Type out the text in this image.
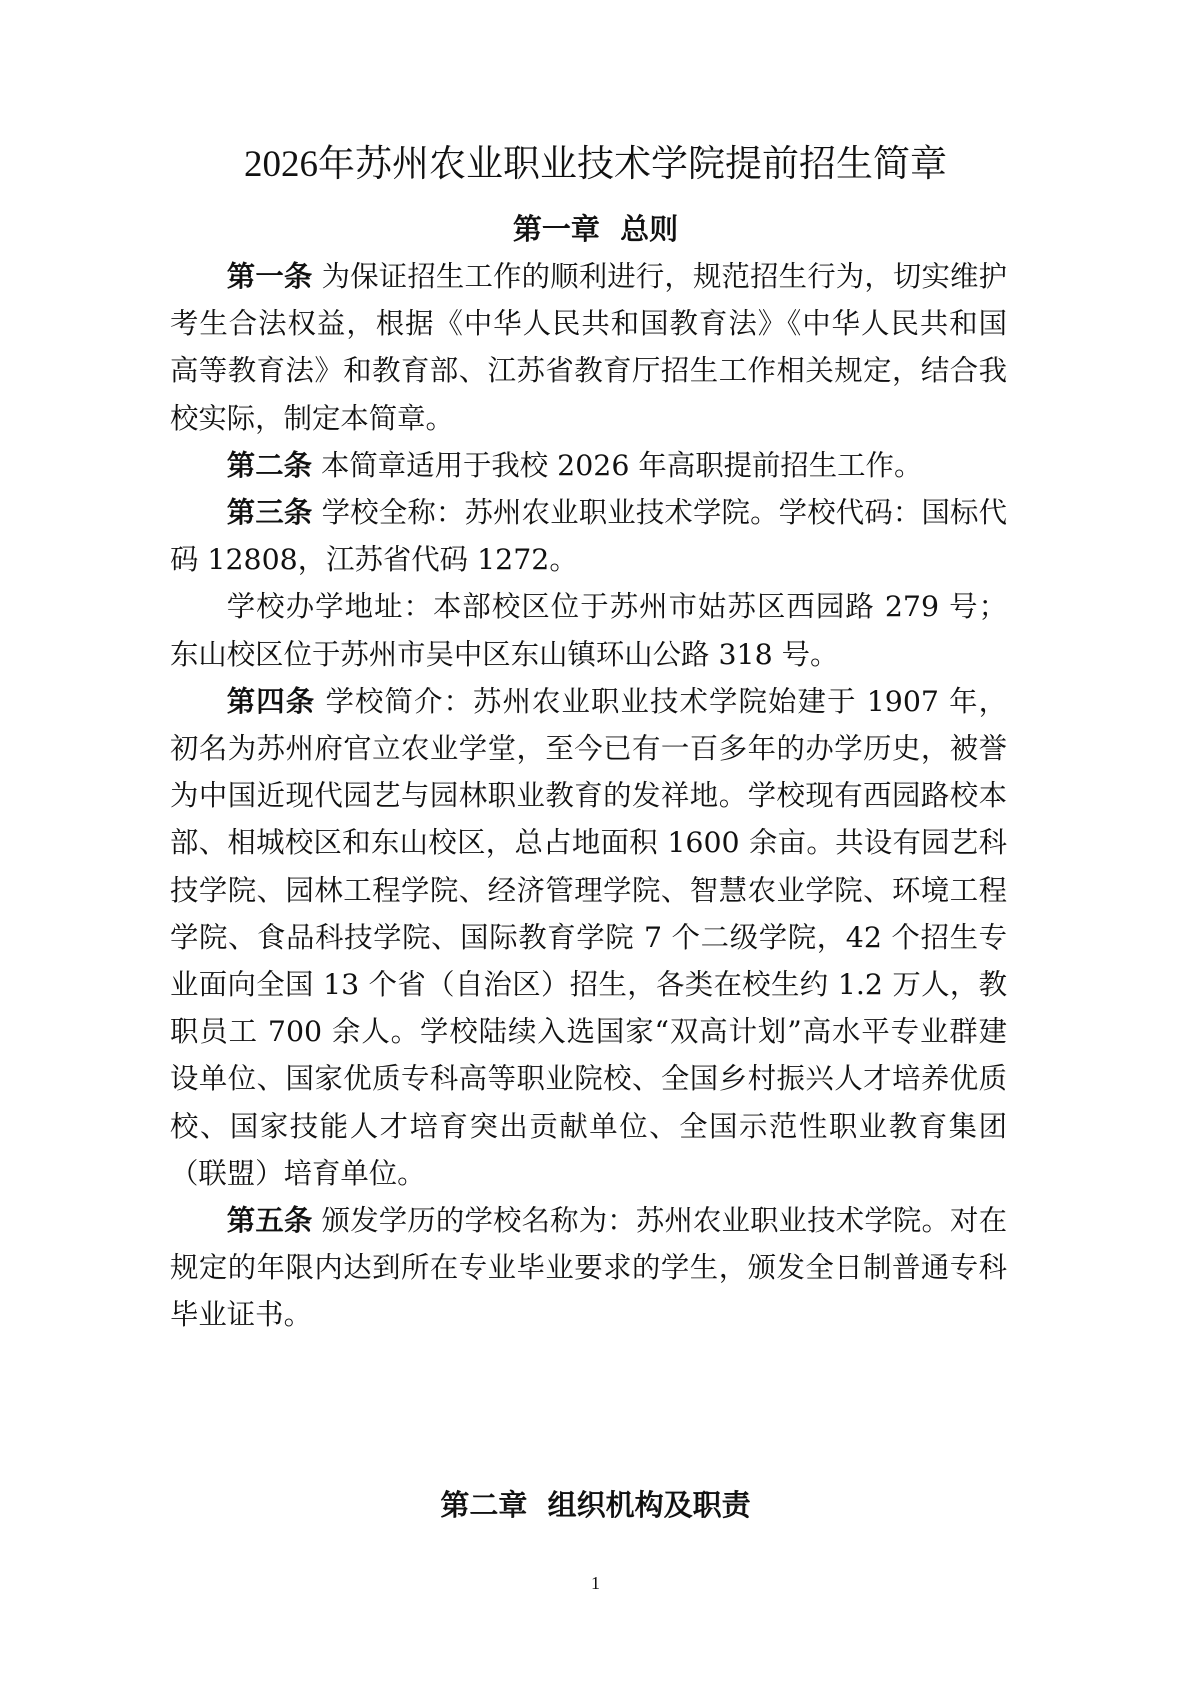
2026年苏州农业职业技术学院提前招生简章
第一章  总则

第一条 为保证招生工作的顺利进行，规范招生行为，切实维护考生合法权益，根据《中华人民共和国教育法》《中华人民共和国高等教育法》和教育部、江苏省教育厅招生工作相关规定，结合我校实际，制定本简章。

第二条 本简章适用于我校 2026 年高职提前招生工作。

第三条 学校全称：苏州农业职业技术学院。学校代码：国标代码 12808，江苏省代码 1272。

学校办学地址：本部校区位于苏州市姑苏区西园路 279 号；东山校区位于苏州市吴中区东山镇环山公路 318 号。

第四条 学校简介：苏州农业职业技术学院始建于 1907 年，初名为苏州府官立农业学堂，至今已有一百多年的办学历史，被誉为中国近现代园艺与园林职业教育的发祥地。学校现有西园路校本部、相城校区和东山校区，总占地面积 1600 余亩。共设有园艺科技学院、园林工程学院、经济管理学院、智慧农业学院、环境工程学院、食品科技学院、国际教育学院 7 个二级学院，42 个招生专业面向全国 13 个省（自治区）招生，各类在校生约 1.2 万人，教职员工 700 余人。学校陆续入选国家“双高计划”高水平专业群建设单位、国家优质专科高等职业院校、全国乡村振兴人才培养优质校、国家技能人才培育突出贡献单位、全国示范性职业教育集团（联盟）培育单位。

第五条 颁发学历的学校名称为：苏州农业职业技术学院。对在规定的年限内达到所在专业毕业要求的学生，颁发全日制普通专科毕业证书。

第二章  组织机构及职责
1
